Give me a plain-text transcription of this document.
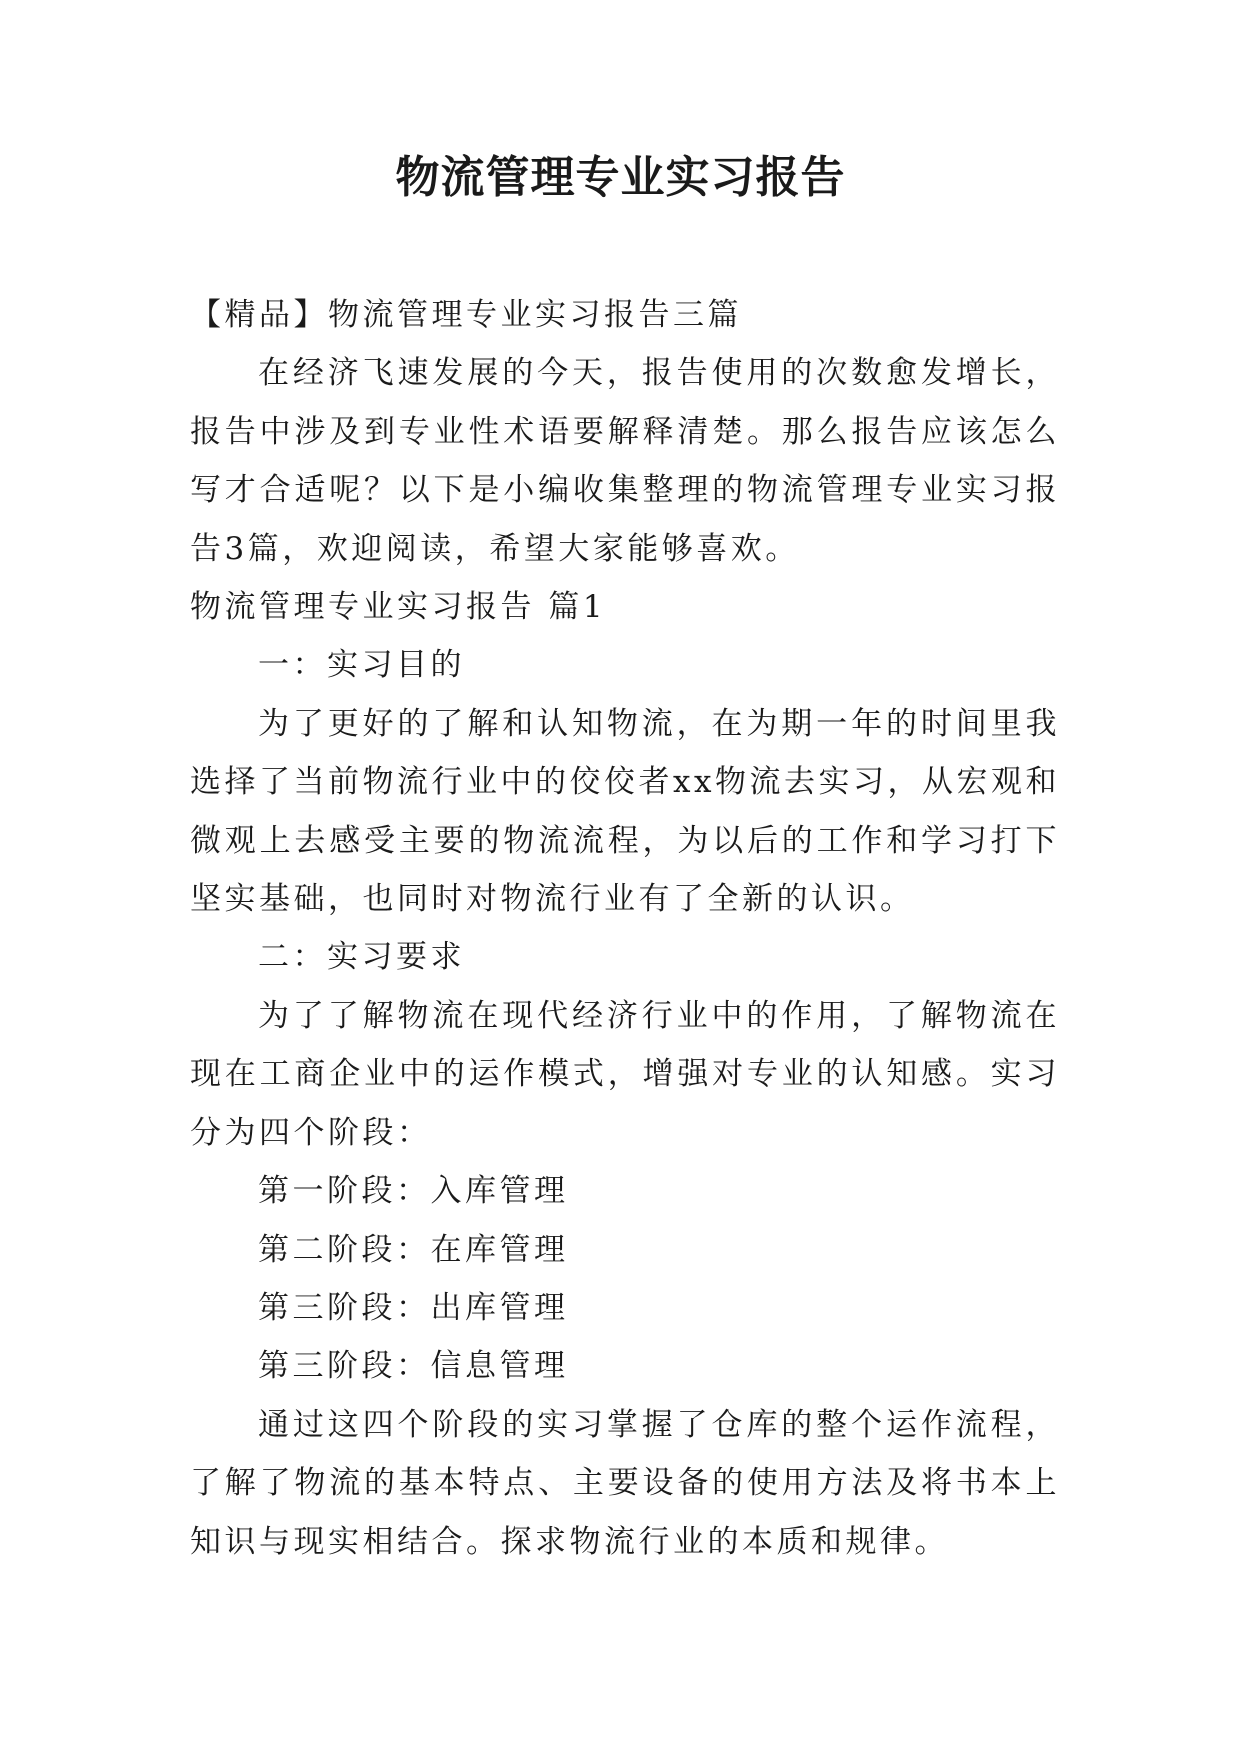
物流管理专业实习报告

【精品】物流管理专业实习报告三篇

在经济飞速发展的今天，报告使用的次数愈发增长，报告中涉及到专业性术语要解释清楚。那么报告应该怎么写才合适呢？以下是小编收集整理的物流管理专业实习报告3篇，欢迎阅读，希望大家能够喜欢。

物流管理专业实习报告 篇1

一：实习目的

为了更好的了解和认知物流，在为期一年的时间里我选择了当前物流行业中的佼佼者xx物流去实习，从宏观和微观上去感受主要的物流流程，为以后的工作和学习打下坚实基础，也同时对物流行业有了全新的认识。

二：实习要求

为了了解物流在现代经济行业中的作用，了解物流在现在工商企业中的运作模式，增强对专业的认知感。实习分为四个阶段：

第一阶段：入库管理

第二阶段：在库管理

第三阶段：出库管理

第三阶段：信息管理

通过这四个阶段的实习掌握了仓库的整个运作流程，了解了物流的基本特点、主要设备的使用方法及将书本上知识与现实相结合。探求物流行业的本质和规律。
